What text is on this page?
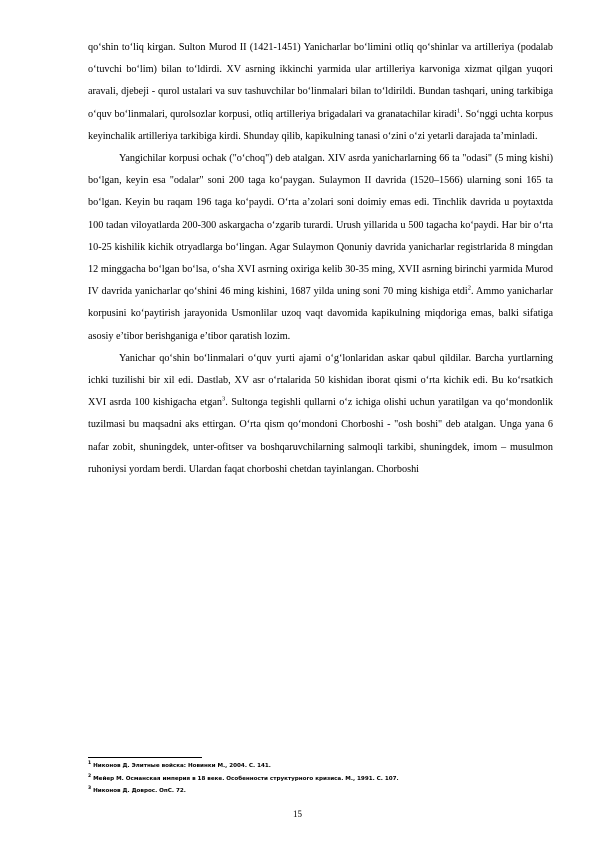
qo‘shin to‘liq kirgan. Sulton Murod II (1421-1451) Yanicharlar bo‘limini otliq qo‘shinlar va artilleriya (podalab o‘tuvchi bo‘lim) bilan to‘ldirdi. XV asrning ikkinchi yarmida ular artilleriya karvoniga xizmat qilgan yuqori aravali, djebeji - qurol ustalari va suv tashuvchilar bo‘linmalari bilan to‘ldirildi. Bundan tashqari, uning tarkibiga o‘quv bo‘linmalari, qurolsozlar korpusi, otliq artilleriya brigadalari va granatachilar kiradi$^1$. So‘nggi uchta korpus keyinchalik artilleriya tarkibiga kirdi. Shunday qilib, kapikulning tanasi o‘zini o‘zi yetarli darajada ta’minladi.

Yangichilar korpusi ochak ("o‘choq") deb atalgan. XIV asrda yanicharlarning 66 ta "odasi" (5 ming kishi) bo‘lgan, keyin esa "odalar" soni 200 taga ko‘paygan. Sulaymon II davrida (1520–1566) ularning soni 165 ta bo‘lgan. Keyin bu raqam 196 taga ko‘paydi. O‘rta a’zolari soni doimiy emas edi. Tinchlik davrida u poytaxtda 100 tadan viloyatlarda 200-300 askargacha o‘zgarib turardi. Urush yillarida u 500 tagacha ko‘paydi. Har bir o‘rta 10-25 kishilik kichik otryadlarga bo‘lingan. Agar Sulaymon Qonuniy davrida yanicharlar registrlarida 8 mingdan 12 minggacha bo‘lgan bo‘lsa, o‘sha XVI asrning oxiriga kelib 30-35 ming, XVII asrning birinchi yarmida Murod IV davrida yanicharlar qo‘shini 46 ming kishini, 1687 yilda uning soni 70 ming kishiga etdi$^2$. Ammo yanicharlar korpusini ko‘paytirish jarayonida Usmonlilar uzoq vaqt davomida kapikulning miqdoriga emas, balki sifatiga asosiy e’tibor berishganiga e’tibor qaratish lozim.

Yanichar qo‘shin bo‘linmalari o‘quv yurti ajami o‘g‘lonlaridan askar qabul qildilar. Barcha yurtlarning ichki tuzilishi bir xil edi. Dastlab, XV asr o‘rtalarida 50 kishidan iborat qismi o‘rta kichik edi. Bu ko‘rsatkich XVI asrda 100 kishigacha etgan$^3$. Sultonga tegishli qullarni o‘z ichiga olishi uchun yaratilgan va qo‘mondonlik tuzilmasi bu maqsadni aks ettirgan. O‘rta qism qo‘mondoni Chorboshi - "osh boshi" deb atalgan. Unga yana 6 nafar zobit, shuningdek, unter-ofitser va boshqaruvchilarning salmoqli tarkibi, shuningdek, imom – musulmon ruhoniysi yordam berdi. Ulardan faqat chorboshi chetdan tayinlangan. Chorboshi

$^1$ Никонов Д. Элитные войска: Новинки М., 2004. С. 141.
$^2$ Мейер М. Османская империя в 18 веке. Особенности структурного кризиса. М., 1991. С. 107.
$^3$ Никонов Д. Доврос. ОпС. 72.
15
